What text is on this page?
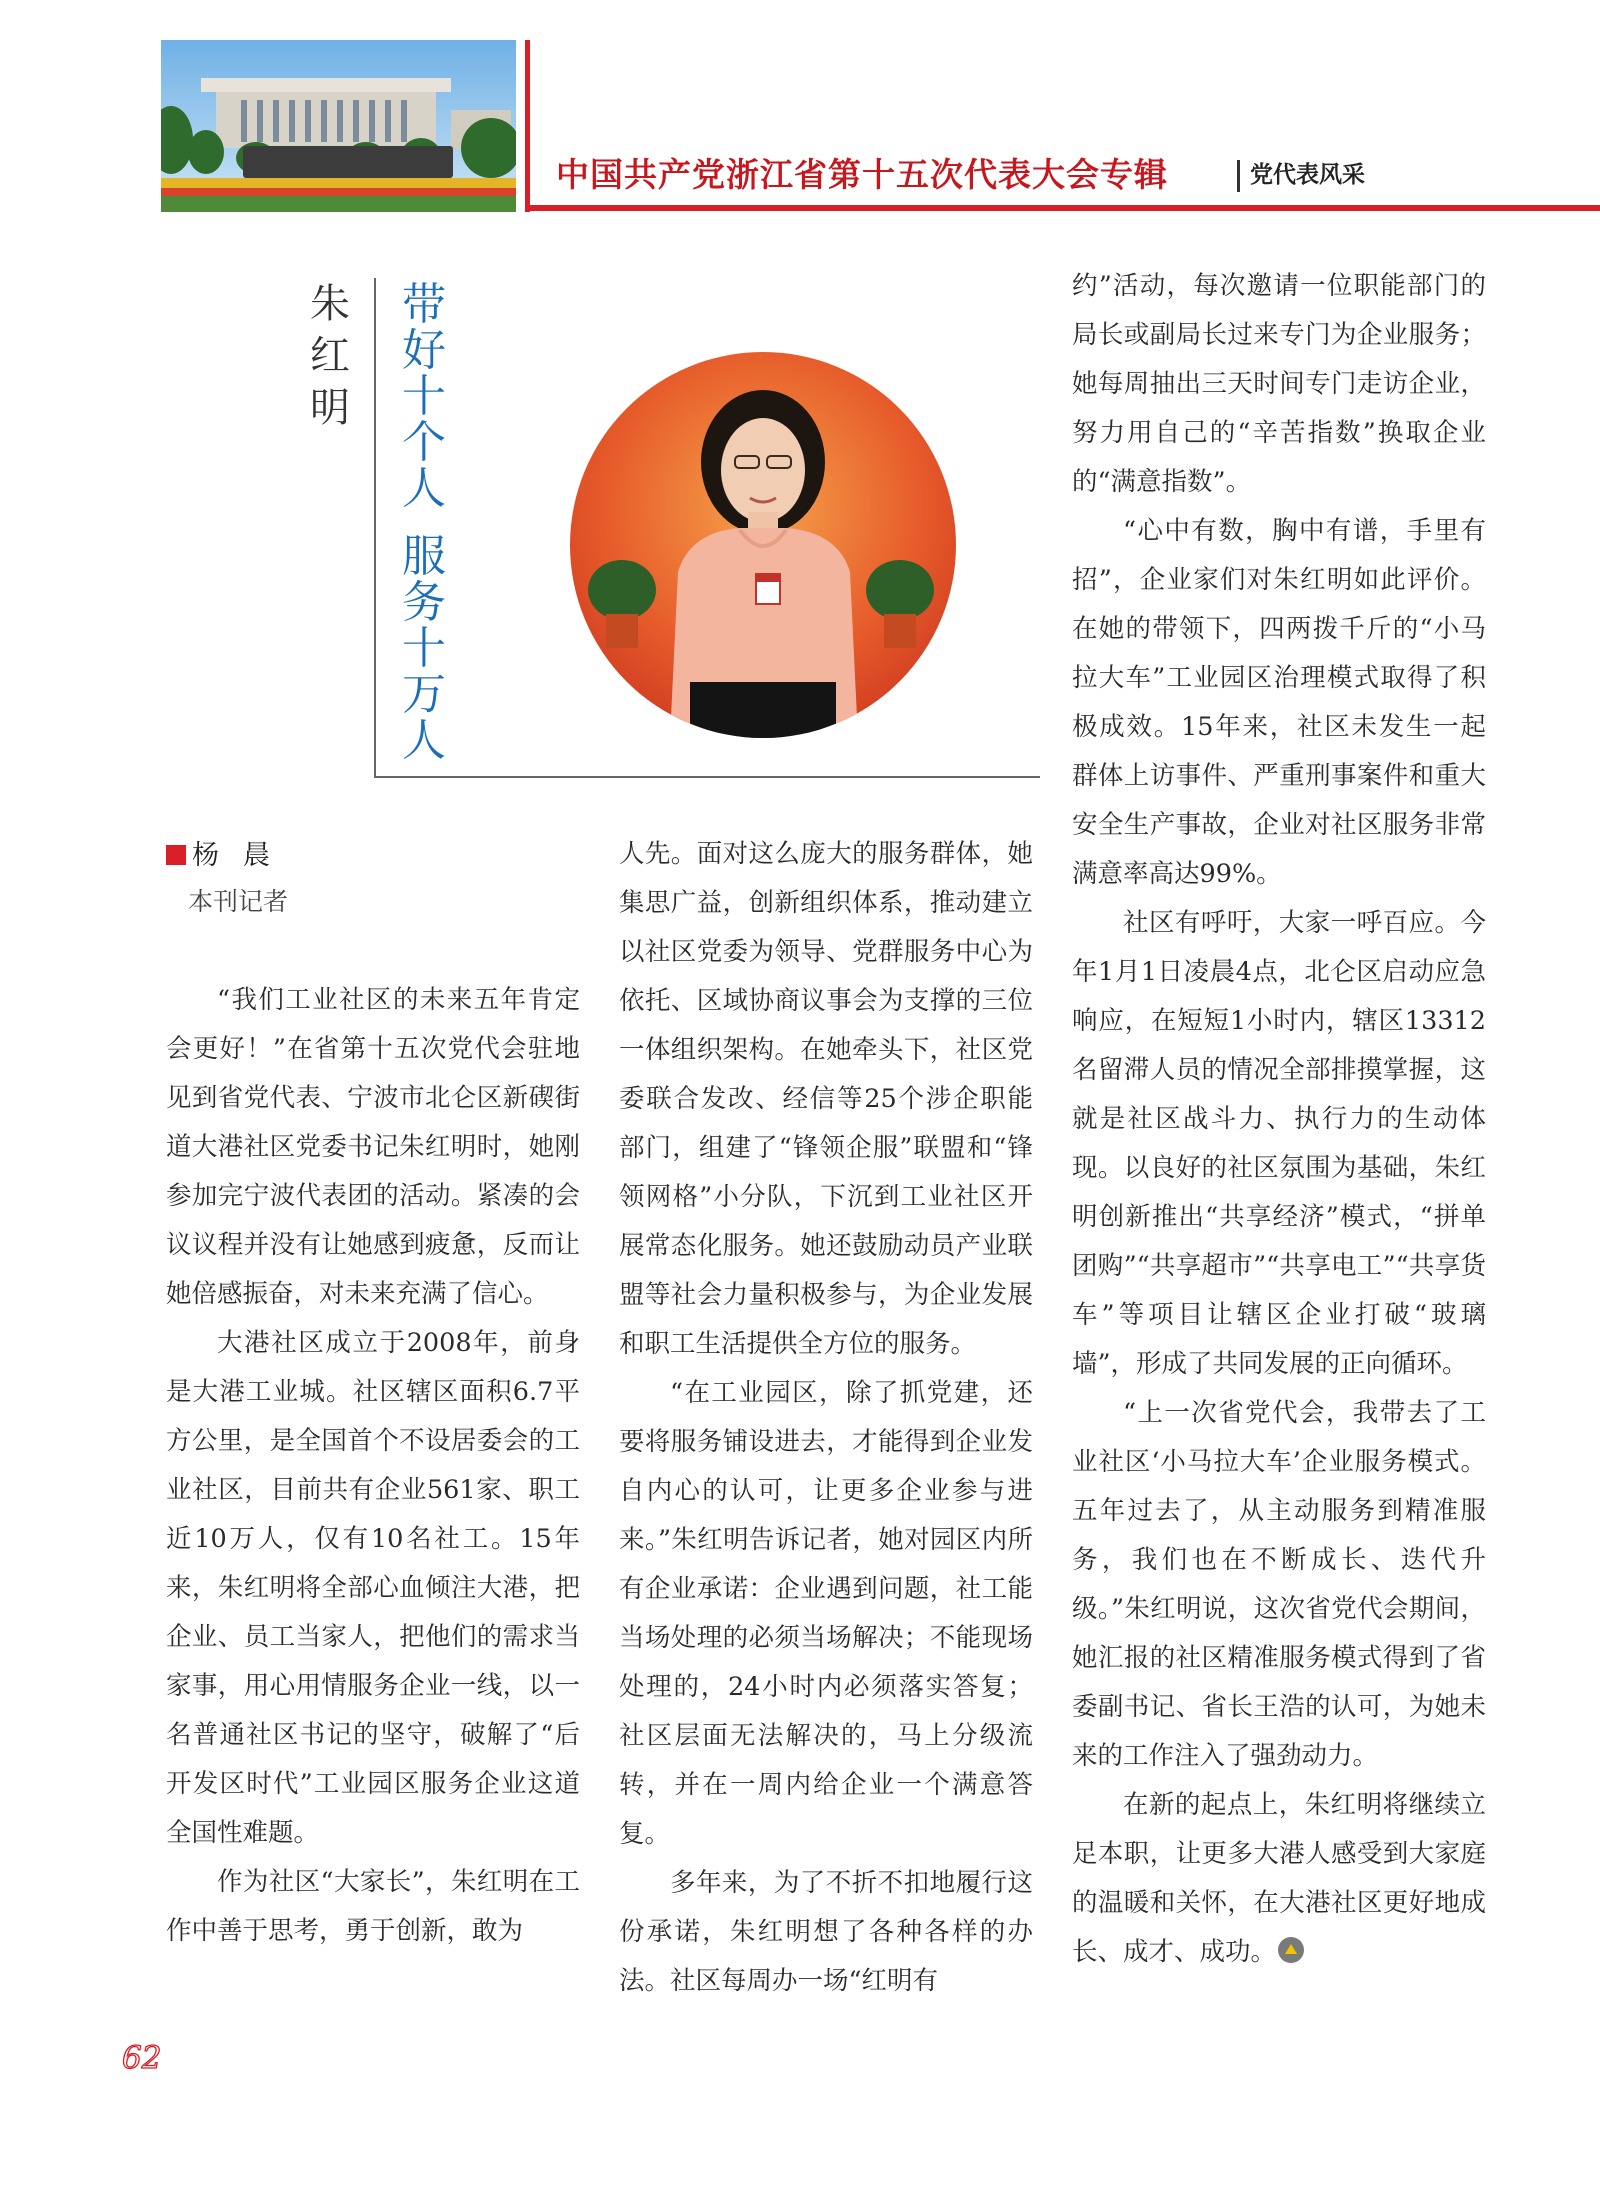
中国共产党浙江省第十五次代表大会专辑	党代表风采
朱
红
明
带
好
十
个
人
服
务
十
万
人
杨晨
本刊记者

“我们工业社区的未来五年肯定会更好！”在省第十五次党代会驻地见到省党代表、宁波市北仑区新碶街道大港社区党委书记朱红明时，她刚参加完宁波代表团的活动。紧凑的会议议程并没有让她感到疲惫，反而让她倍感振奋，对未来充满了信心。

大港社区成立于2008年，前身是大港工业城。社区辖区面积6.7平方公里，是全国首个不设居委会的工业社区，目前共有企业561家、职工近10万人，仅有10名社工。15年来，朱红明将全部心血倾注大港，把企业、员工当家人，把他们的需求当家事，用心用情服务企业一线，以一名普通社区书记的坚守，破解了“后开发区时代”工业园区服务企业这道全国性难题。

作为社区“大家长”，朱红明在工作中善于思考，勇于创新，敢为

人先。面对这么庞大的服务群体，她集思广益，创新组织体系，推动建立以社区党委为领导、党群服务中心为依托、区域协商议事会为支撑的三位一体组织架构。在她牵头下，社区党委联合发改、经信等25个涉企职能部门，组建了“锋领企服”联盟和“锋领网格”小分队，下沉到工业社区开展常态化服务。她还鼓励动员产业联盟等社会力量积极参与，为企业发展和职工生活提供全方位的服务。

“在工业园区，除了抓党建，还要将服务铺设进去，才能得到企业发自内心的认可，让更多企业参与进来。”朱红明告诉记者，她对园区内所有企业承诺：企业遇到问题，社工能当场处理的必须当场解决；不能现场处理的，24小时内必须落实答复；社区层面无法解决的，马上分级流转，并在一周内给企业一个满意答复。

多年来，为了不折不扣地履行这份承诺，朱红明想了各种各样的办法。社区每周办一场“红明有

约”活动，每次邀请一位职能部门的局长或副局长过来专门为企业服务；她每周抽出三天时间专门走访企业，努力用自己的“辛苦指数”换取企业的“满意指数”。

“心中有数，胸中有谱，手里有招”，企业家们对朱红明如此评价。在她的带领下，四两拨千斤的“小马拉大车”工业园区治理模式取得了积极成效。15年来，社区未发生一起群体上访事件、严重刑事案件和重大安全生产事故，企业对社区服务非常满意率高达99%。

社区有呼吁，大家一呼百应。今年1月1日凌晨4点，北仑区启动应急响应，在短短1小时内，辖区13312名留滞人员的情况全部排摸掌握，这就是社区战斗力、执行力的生动体现。以良好的社区氛围为基础，朱红明创新推出“共享经济”模式，“拼单团购”“共享超市”“共享电工”“共享货车”等项目让辖区企业打破“玻璃墙”，形成了共同发展的正向循环。

“上一次省党代会，我带去了工业社区‘小马拉大车’企业服务模式。五年过去了，从主动服务到精准服务，我们也在不断成长、迭代升级。”朱红明说，这次省党代会期间，她汇报的社区精准服务模式得到了省委副书记、省长王浩的认可，为她未来的工作注入了强劲动力。

在新的起点上，朱红明将继续立足本职，让更多大港人感受到大家庭的温暖和关怀，在大港社区更好地成长、成才、成功。

62
